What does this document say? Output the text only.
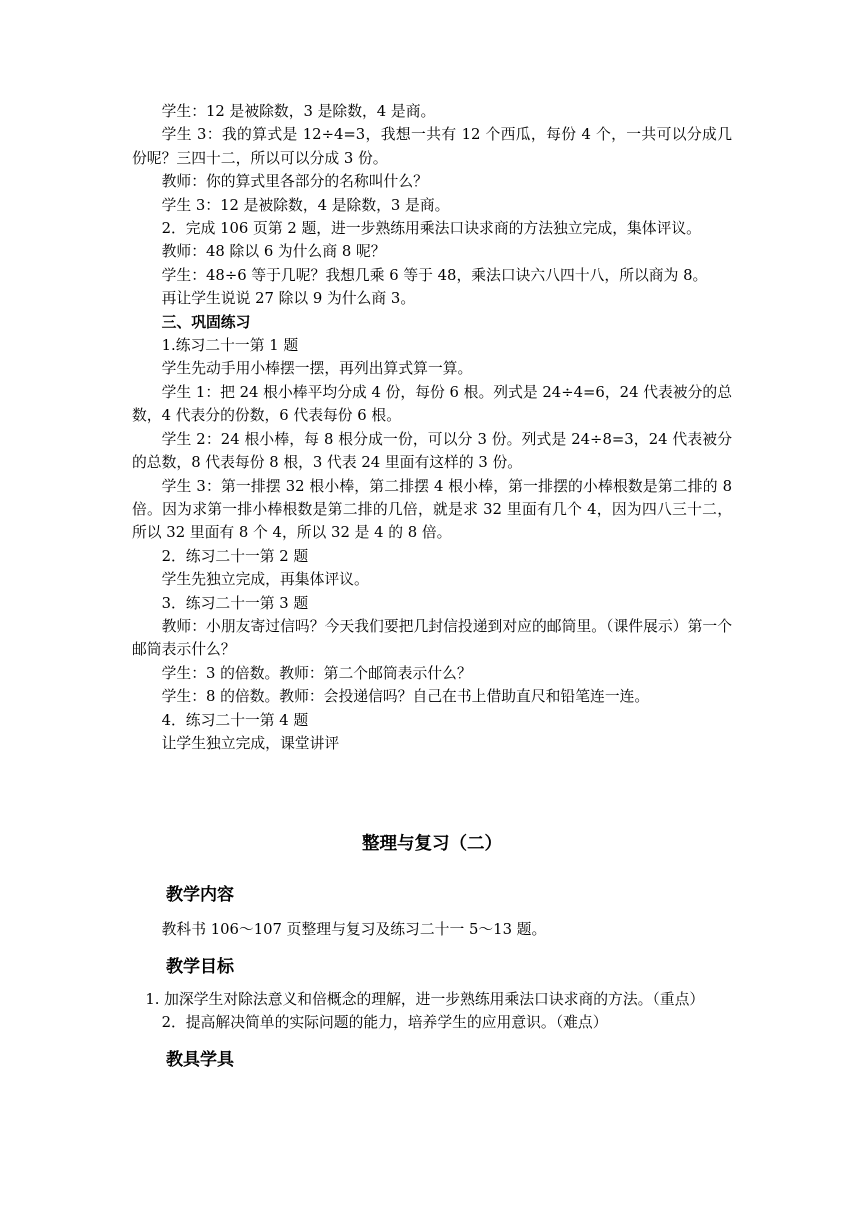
学生：12 是被除数，3 是除数，4 是商。

学生 3：我的算式是 12÷4=3，我想一共有 12 个西瓜，每份 4 个，一共可以分成几份呢？三四十二，所以可以分成 3 份。

教师：你的算式里各部分的名称叫什么？

学生 3：12 是被除数，4 是除数，3 是商。

2．完成 106 页第 2 题，进一步熟练用乘法口诀求商的方法独立完成，集体评议。

教师：48 除以 6 为什么商 8 呢？

学生：48÷6 等于几呢？我想几乘 6 等于 48，乘法口诀六八四十八，所以商为 8。

再让学生说说 27 除以 9 为什么商 3。

三、巩固练习

1.练习二十一第 1 题

学生先动手用小棒摆一摆，再列出算式算一算。

学生 1：把 24 根小棒平均分成 4 份，每份 6 根。列式是 24÷4=6，24 代表被分的总数，4 代表分的份数，6 代表每份 6 根。

学生 2：24 根小棒，每 8 根分成一份，可以分 3 份。列式是 24÷8=3，24 代表被分的总数，8 代表每份 8 根，3 代表 24 里面有这样的 3 份。

学生 3：第一排摆 32 根小棒，第二排摆 4 根小棒，第一排摆的小棒根数是第二排的 8 倍。因为求第一排小棒根数是第二排的几倍，就是求 32 里面有几个 4，因为四八三十二，所以 32 里面有 8 个 4，所以 32 是 4 的 8 倍。

2．练习二十一第 2 题

学生先独立完成，再集体评议。

3．练习二十一第 3 题

教师：小朋友寄过信吗？今天我们要把几封信投递到对应的邮筒里。（课件展示）第一个邮筒表示什么？

学生：3 的倍数。教师：第二个邮筒表示什么？

学生：8 的倍数。教师：会投递信吗？自己在书上借助直尺和铅笔连一连。

4．练习二十一第 4 题

让学生独立完成，课堂讲评

整理与复习（二）

教学内容

教科书 106～107 页整理与复习及练习二十一 5～13 题。

教学目标

1. 加深学生对除法意义和倍概念的理解，进一步熟练用乘法口诀求商的方法。（重点）

2．提高解决简单的实际问题的能力，培养学生的应用意识。（难点）

教具学具
